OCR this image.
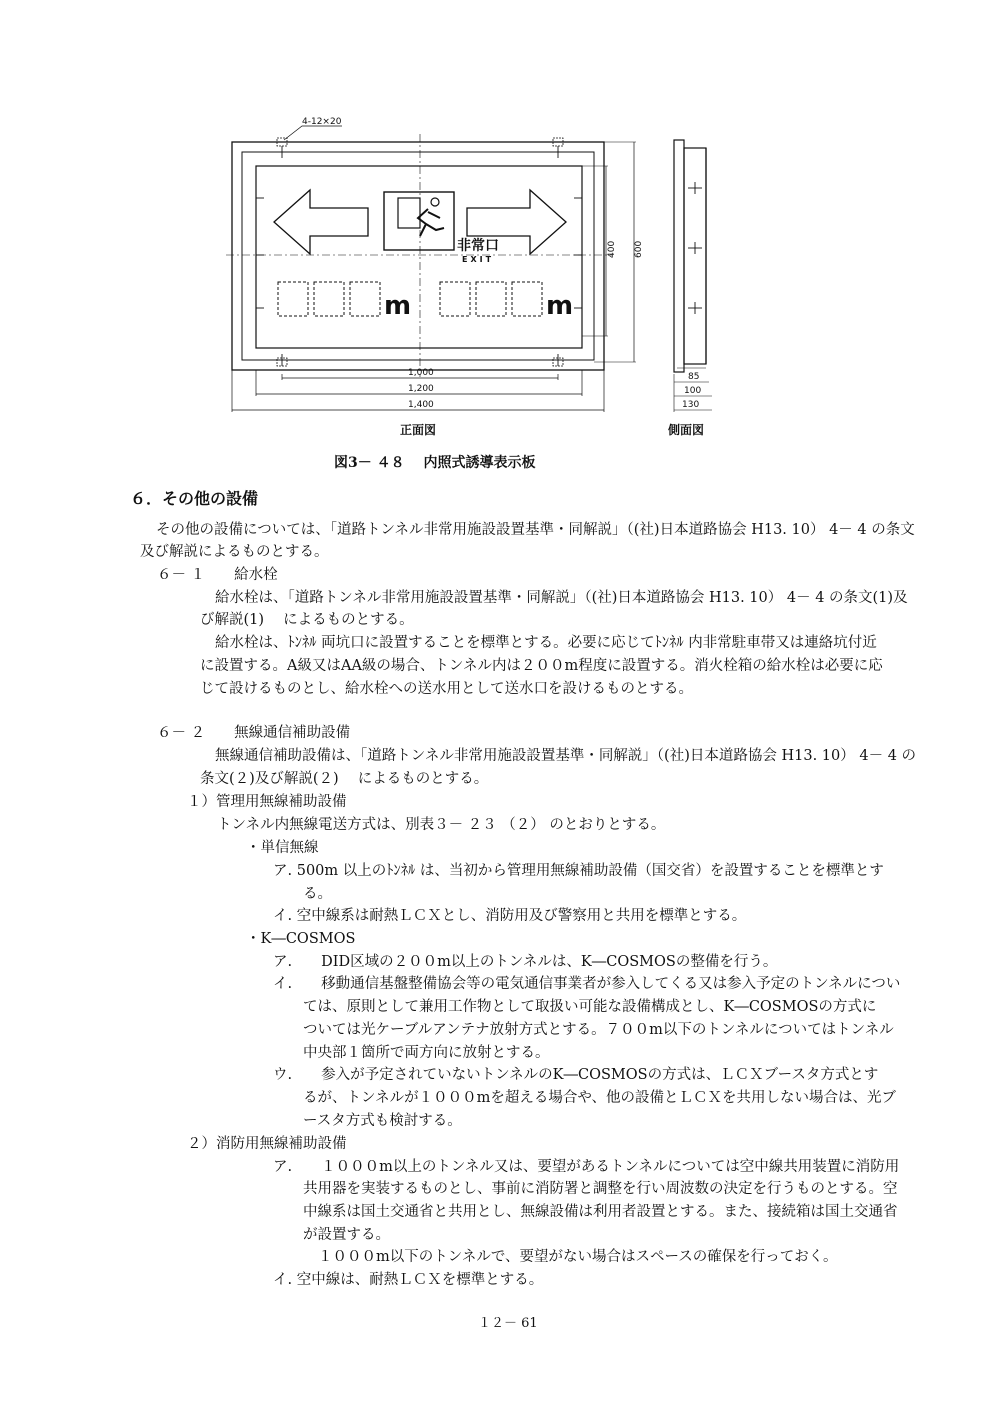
4-12×20
非常口
EXIT
m	m
1,000
1,200
1,400
400 600
85
100
130
正面図	側面図
図3－ ４８　 内照式誘導表示板
６．その他の設備
その他の設備については、「道路トンネル非常用施設設置基準・同解説」（(社)日本道路協会 H13. 10） 4－ 4 の条文
及び解説によるものとする。
６－ １　　給水栓
給水栓は、「道路トンネル非常用施設設置基準・同解説」（(社)日本道路協会 H13. 10） 4－ 4 の条文(1)及
び解説(1)　 によるものとする。
給水栓は、ﾄﾝﾈﾙ 両坑口に設置することを標準とする。必要に応じてﾄﾝﾈﾙ 内非常駐車帯又は連絡坑付近
に設置する。A級又はAA級の場合、トンネル内は２００m程度に設置する。消火栓箱の給水栓は必要に応
じて設けるものとし、給水栓への送水用として送水口を設けるものとする。
６－ ２　　無線通信補助設備
無線通信補助設備は、「道路トンネル非常用施設設置基準・同解説」（(社)日本道路協会 H13. 10） 4－ 4 の
条文(２)及び解説(２)　 によるものとする。
１）管理用無線補助設備
トンネル内無線電送方式は、別表３－ ２３ （２） のとおりとする。
・単信無線
ア. 500m 以上のﾄﾝﾈﾙ は、当初から管理用無線補助設備（国交省）を設置することを標準とす
る。
イ. 空中線系は耐熱ＬＣＸとし、消防用及び警察用と共用を標準とする。
・K―COSMOS
ア.　　DID区域の２００m以上のトンネルは、K―COSMOSの整備を行う。
イ.　　移動通信基盤整備協会等の電気通信事業者が参入してくる又は参入予定のトンネルについ
ては、原則として兼用工作物として取扱い可能な設備構成とし、K―COSMOSの方式に
ついては光ケーブルアンテナ放射方式とする。７００m以下のトンネルについてはトンネル
中央部１箇所で両方向に放射とする。
ウ.　　参入が予定されていないトンネルのK―COSMOSの方式は、ＬＣＸブースタ方式とす
るが、トンネルが１０００mを超える場合や、他の設備とＬＣＸを共用しない場合は、光ブ
ースタ方式も検討する。
２）消防用無線補助設備
ア.　　１０００m以上のトンネル又は、要望があるトンネルについては空中線共用装置に消防用
共用器を実装するものとし、事前に消防署と調整を行い周波数の決定を行うものとする。空
中線系は国土交通省と共用とし、無線設備は利用者設置とする。また、接続箱は国土交通省
が設置する。
１０００m以下のトンネルで、要望がない場合はスペースの確保を行っておく。
イ. 空中線は、耐熱ＬＣＸを標準とする。
１２－ 61
